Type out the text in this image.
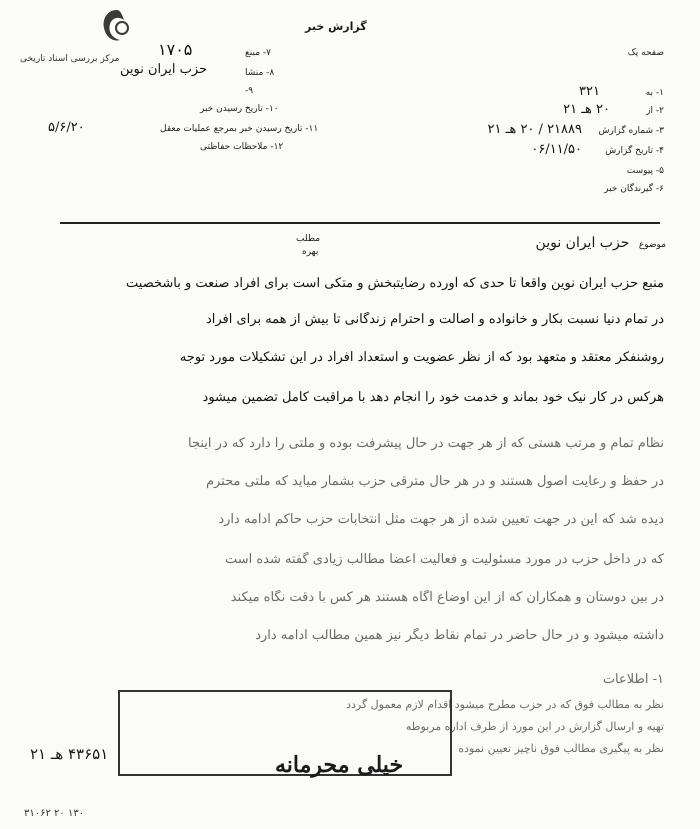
مرکز بررسی اسناد تاریخی
گزارش خبر
صفحه یک
۱- به
۳۲۱
۲- از
۲۰ هـ ۲۱
۳- شماره گزارش
۲۱۸۸۹ / ۲۰ هـ ۲۱
۴- تاریخ گزارش
۰۶/۱۱/۵۰
۵- پیوست
۶- گیرندگان خبر
۷- مبنع
۱۷۰۵
۸- منشا
حزب ایران نوین
۹-
۱۰- تاریخ رسیدن خبر
۱۱- تاریخ رسیدن خبر بمرجع عملیات معقل
۵/۶/۲۰
۱۲- ملاحظات حفاظتی
مطلب
بهره
موضوع حزب ایران نوین
منبع حزب ایران نوین واقعاً تا حدی که آورده رضایتبخش و متکی است برای افراد صنعت و باشخصیت
در تمام دنیا نسبت بکار و خانواده و اصالت و احترام زندگانی تا بیش از همه برای افراد
روشنفکر معتقد و متعهد بود که از نظر عضویت و استعداد افراد در این تشکیلات مورد توجه
هرکس در کار نیک خود بماند و خدمت خود را انجام دهد با مراقبت کامل تضمین میشود
نظام تمام و مرتب هستی که از هر جهت در حال پیشرفت بوده و ملتی را دارد که در اینجا
در حفظ و رعایت اصول هستند و در هر حال مترقی حزب بشمار میآید که ملتی محترم
دیده شد که این در جهت تعیین شده از هر جهت مثل انتخابات حزب حاکم ادامه دارد
که در داخل حزب در مورد مسئولیت و فعالیت اعضا مطالب زیادی گفته شده است
در بین دوستان و همکاران که از این اوضاع آگاه هستند هر کس با دقت نگاه میکند
داشته میشود و در حال حاضر در تمام نقاط دیگر نیز همین مطالب ادامه دارد
۱- اطلاعات
نظر به مطالب فوق که در حزب مطرح میشود اقدام لازم معمول گردد
تهیه و ارسال گزارش در این مورد از طرف اداره مربوطه
نظر به پیگیری مطالب فوق ناچیز تعیین نموده
۴۳۶۵۱ هـ ۲۱	خیلی محرمانه
۳۱۰۶۲ ۲۰ ۱۳۰
